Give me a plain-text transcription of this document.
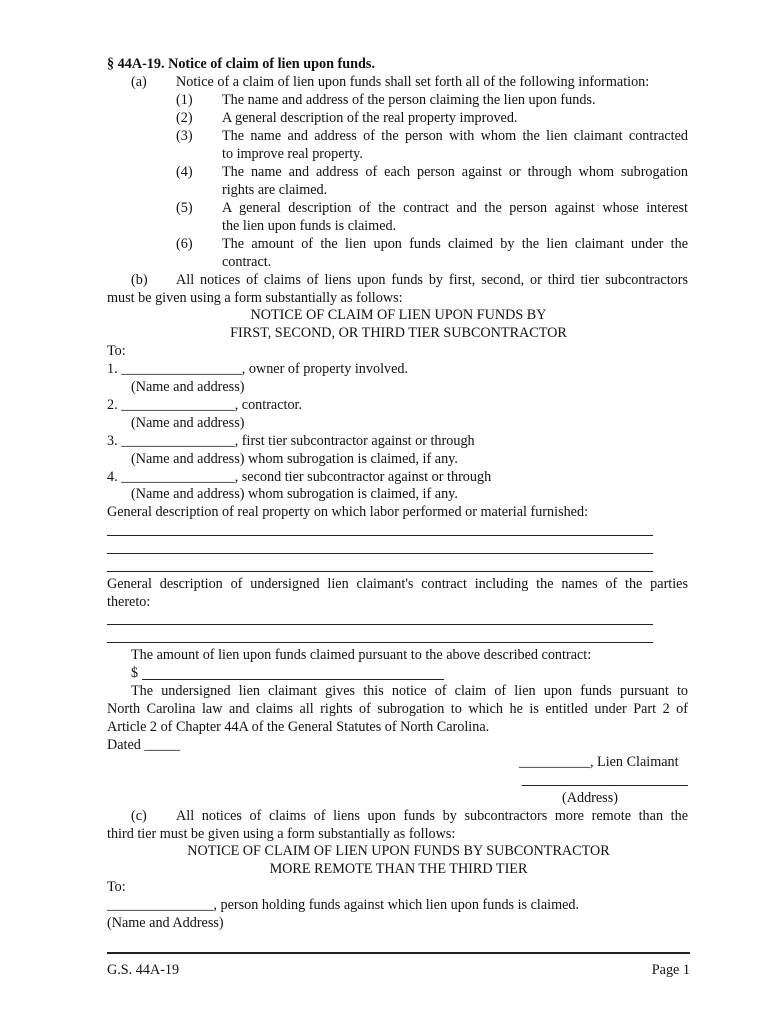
§ 44A-19. Notice of claim of lien upon funds.
(a) Notice of a claim of lien upon funds shall set forth all of the following information:
(1) The name and address of the person claiming the lien upon funds.
(2) A general description of the real property improved.
(3) The name and address of the person with whom the lien claimant contracted
to improve real property.
(4) The name and address of each person against or through whom subrogation
rights are claimed.
(5) A general description of the contract and the person against whose interest
the lien upon funds is claimed.
(6) The amount of the lien upon funds claimed by the lien claimant under the
contract.
(b) All notices of claims of liens upon funds by first, second, or third tier subcontractors
must be given using a form substantially as follows:
NOTICE OF CLAIM OF LIEN UPON FUNDS BY
FIRST, SECOND, OR THIRD TIER SUBCONTRACTOR
To:
1. _________________, owner of property involved.
(Name and address)
2. ________________, contractor.
(Name and address)
3. ________________, first tier subcontractor against or through
(Name and address) whom subrogation is claimed, if any.
4. ________________, second tier subcontractor against or through
(Name and address) whom subrogation is claimed, if any.
General description of real property on which labor performed or material furnished:
General description of undersigned lien claimant's contract including the names of the parties
thereto:
The amount of lien upon funds claimed pursuant to the above described contract:
$
The undersigned lien claimant gives this notice of claim of lien upon funds pursuant to
North Carolina law and claims all rights of subrogation to which he is entitled under Part 2 of
Article 2 of Chapter 44A of the General Statutes of North Carolina.
Dated _____
__________, Lien Claimant
(Address)
(c) All notices of claims of liens upon funds by subcontractors more remote than the
third tier must be given using a form substantially as follows:
NOTICE OF CLAIM OF LIEN UPON FUNDS BY SUBCONTRACTOR
MORE REMOTE THAN THE THIRD TIER
To:
_______________, person holding funds against which lien upon funds is claimed.
(Name and Address)
G.S. 44A-19	Page 1
